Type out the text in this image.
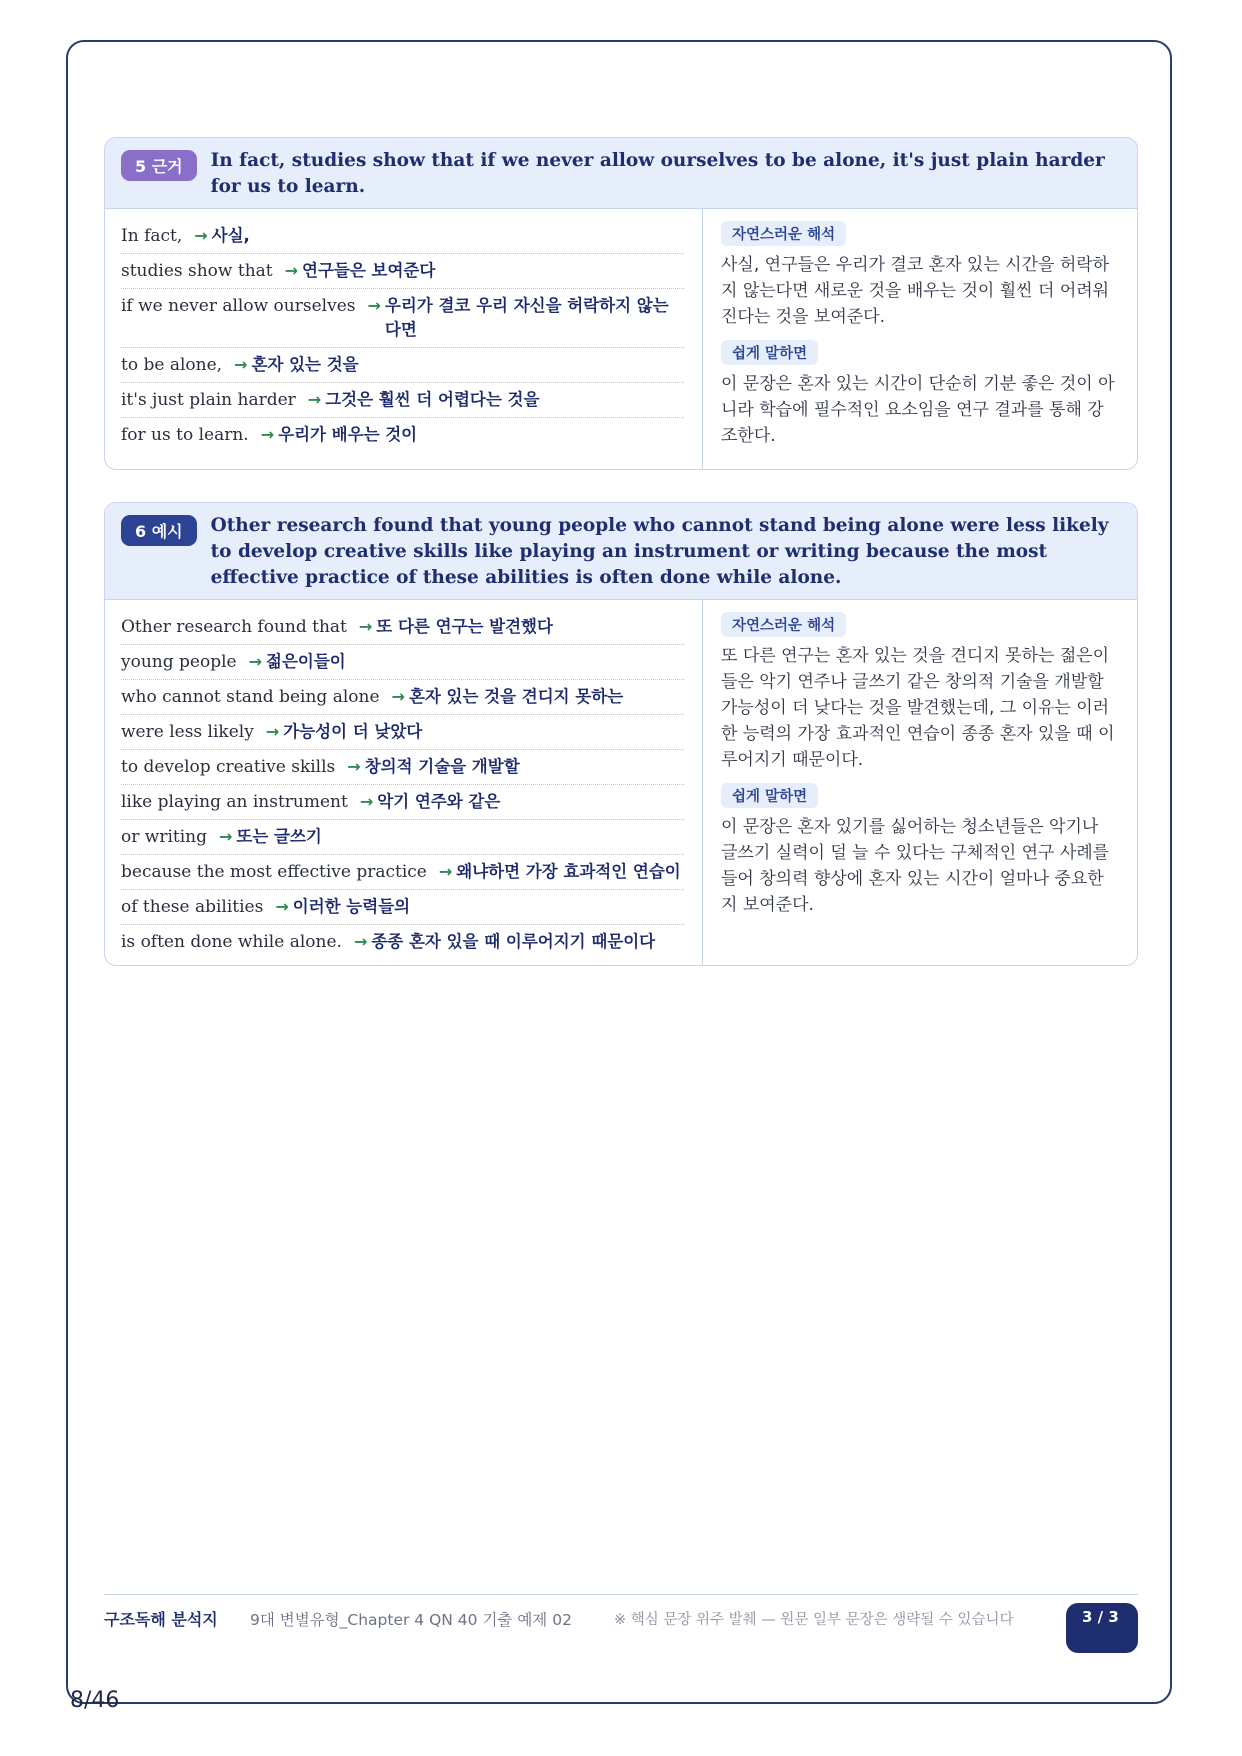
5 근거	In fact, studies show that if we never allow ourselves to be alone, it's just plain harder for us to learn.
In fact, → 사실,
studies show that → 연구들은 보여준다
if we never allow ourselves → 우리가 결코 우리 자신을 허락하지 않는다면
to be alone, → 혼자 있는 것을
it's just plain harder → 그것은 훨씬 더 어렵다는 것을
for us to learn. → 우리가 배우는 것이
자연스러운 해석

사실, 연구들은 우리가 결코 혼자 있는 시간을 허락하지 않는다면 새로운 것을 배우는 것이 훨씬 더 어려워진다는 것을 보여준다.

쉽게 말하면

이 문장은 혼자 있는 시간이 단순히 기분 좋은 것이 아니라 학습에 필수적인 요소임을 연구 결과를 통해 강조한다.

6 예시	Other research found that young people who cannot stand being alone were less likely to develop creative skills like playing an instrument or writing because the most effective practice of these abilities is often done while alone.
Other research found that → 또 다른 연구는 발견했다
young people → 젊은이들이
who cannot stand being alone → 혼자 있는 것을 견디지 못하는
were less likely → 가능성이 더 낮았다
to develop creative skills → 창의적 기술을 개발할
like playing an instrument → 악기 연주와 같은
or writing → 또는 글쓰기
because the most effective practice → 왜냐하면 가장 효과적인 연습이
of these abilities → 이러한 능력들의
is often done while alone. → 종종 혼자 있을 때 이루어지기 때문이다
자연스러운 해석

또 다른 연구는 혼자 있는 것을 견디지 못하는 젊은이들은 악기 연주나 글쓰기 같은 창의적 기술을 개발할 가능성이 더 낮다는 것을 발견했는데, 그 이유는 이러한 능력의 가장 효과적인 연습이 종종 혼자 있을 때 이루어지기 때문이다.

쉽게 말하면

이 문장은 혼자 있기를 싫어하는 청소년들은 악기나 글쓰기 실력이 덜 늘 수 있다는 구체적인 연구 사례를 들어 창의력 향상에 혼자 있는 시간이 얼마나 중요한지 보여준다.

구조독해 분석지	9대 변별유형_Chapter 4 QN 40 기출 예제 02	※ 핵심 문장 위주 발췌 — 원문 일부 문장은 생략될 수 있습니다	3 / 3
8/46
